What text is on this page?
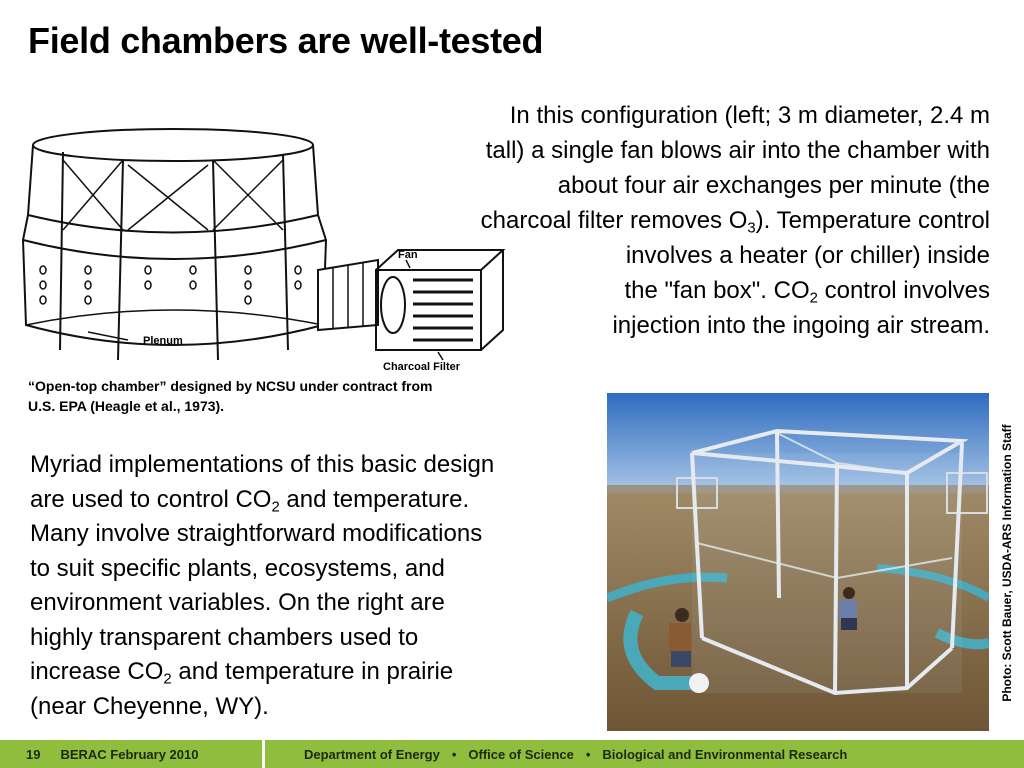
Field chambers are well-tested
In this configuration (left; 3 m diameter, 2.4 m
tall) a single fan blows air into the chamber with
about four air exchanges per minute (the
charcoal filter removes $O_3$). Temperature control
involves a heater (or chiller) inside
the "fan box". $CO_2$ control involves
injection into the ingoing air stream.
Fan
Plenum
Charcoal Filter
“Open-top chamber” designed by NCSU under contract from
U.S. EPA (Heagle et al., 1973).
Myriad implementations of this basic design
are used to control $CO_2$ and temperature.
Many involve straightforward modifications
to suit specific plants, ecosystems, and
environment variables. On the right are
highly transparent chambers used to
increase $CO_2$ and temperature in prairie
(near Cheyenne, WY).
Photo: Scott Bauer, USDA-ARS Information Staff
19 BERAC February 2010	Department of Energy • Office of Science • Biological and Environmental Research
